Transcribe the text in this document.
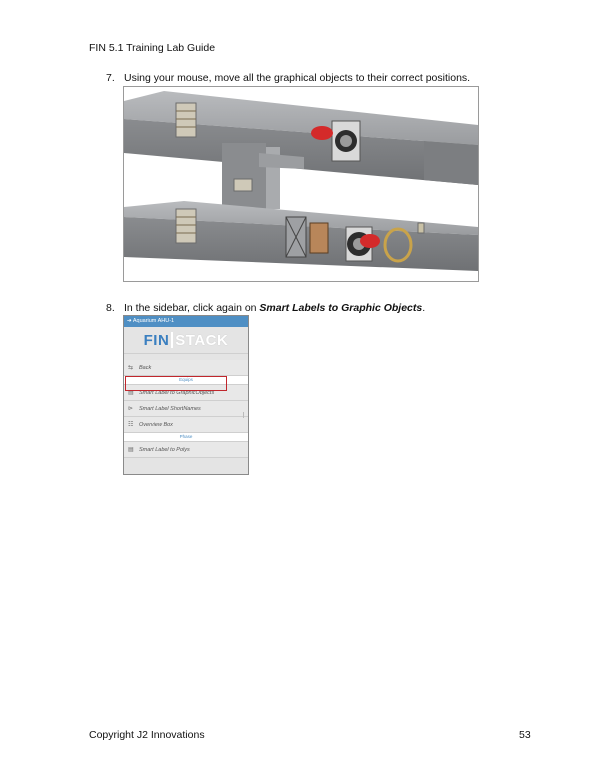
FIN 5.1 Training Lab Guide
7. Using your mouse, move all the graphical objects to their correct positions.
8. In the sidebar, click again on Smart Labels to Graphic Objects.
➔ Aquarium AHU-1
FIN STACK
⇆	Back
Equips
▤ Smart Label to GraphicObjects
⊳	Smart Label ShortNames
☷	Overview Box
Phase
▤ Smart Label to Polys
Copyright J2 Innovations	53
